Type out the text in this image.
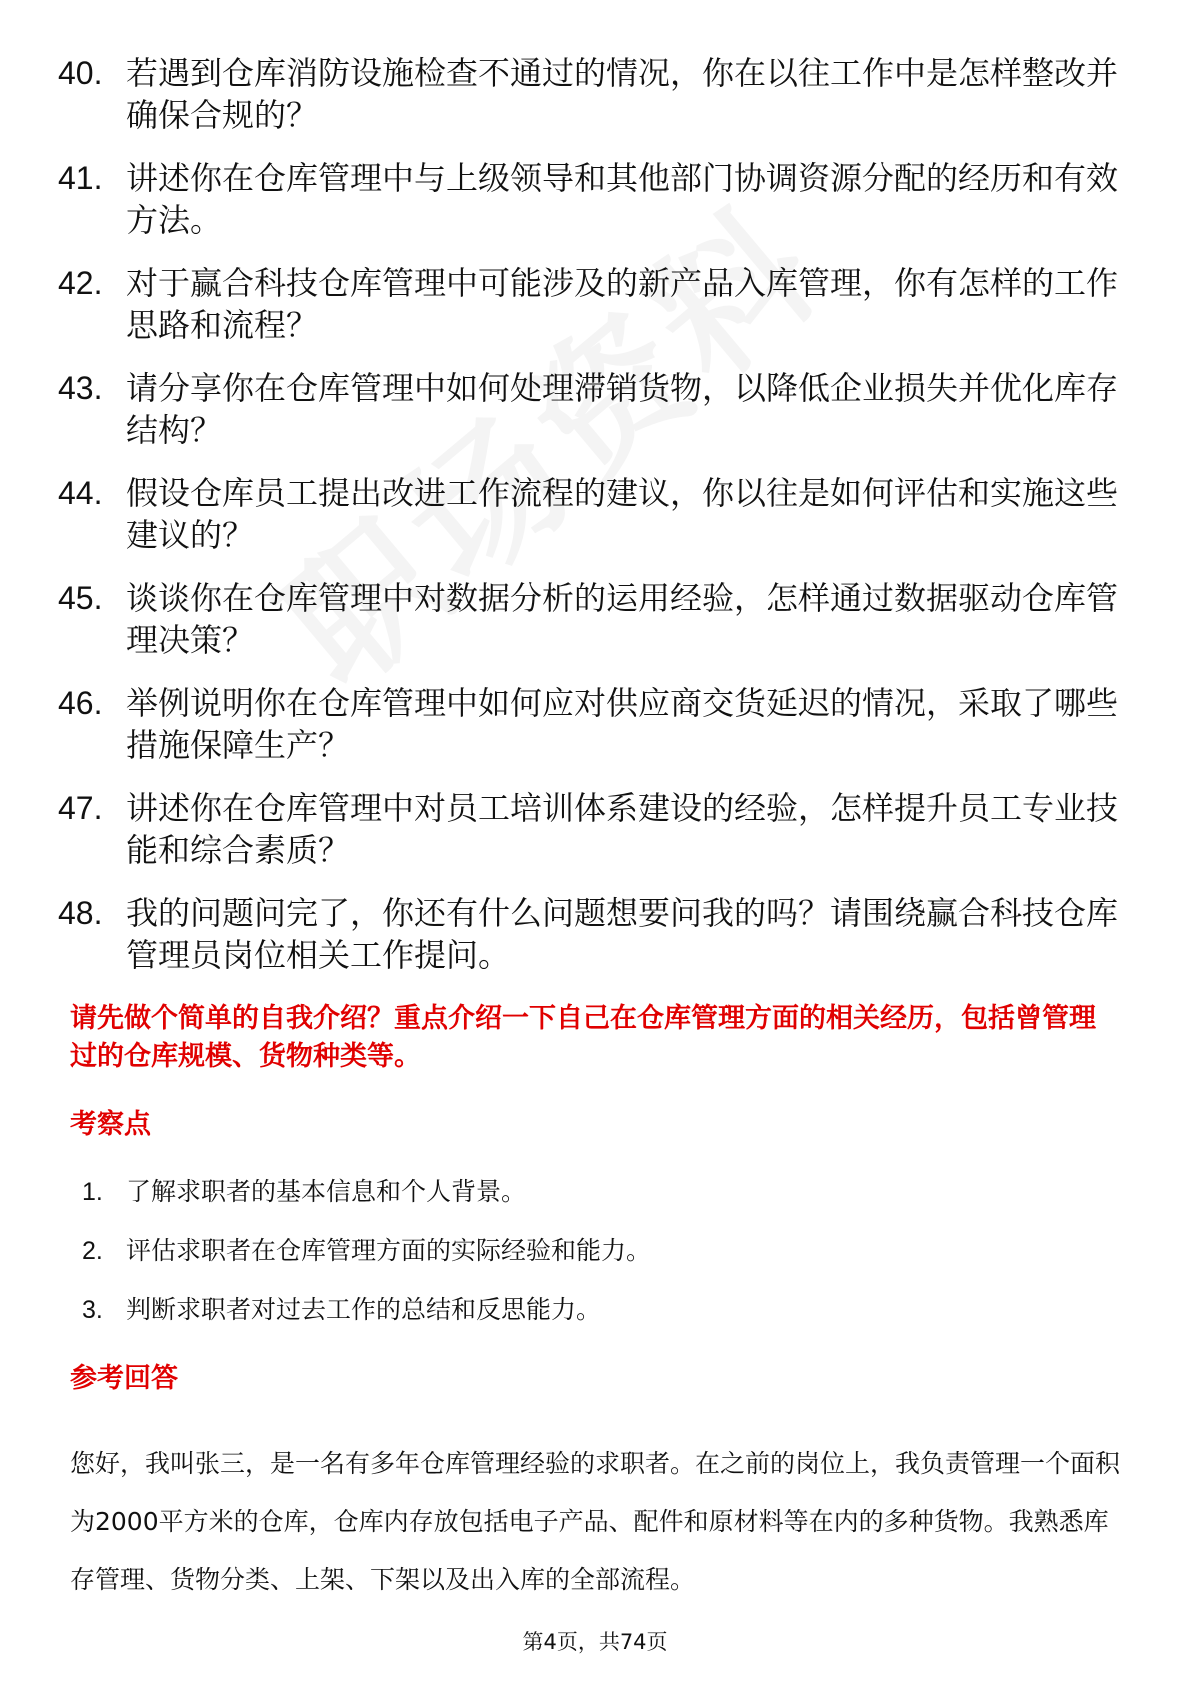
40. 若遇到仓库消防设施检查不通过的情况，你在以往工作中是怎样整改并确保合规的？
41. 讲述你在仓库管理中与上级领导和其他部门协调资源分配的经历和有效方法。
42. 对于赢合科技仓库管理中可能涉及的新产品入库管理，你有怎样的工作思路和流程？
43. 请分享你在仓库管理中如何处理滞销货物，以降低企业损失并优化库存结构？
44. 假设仓库员工提出改进工作流程的建议，你以往是如何评估和实施这些建议的？
45. 谈谈你在仓库管理中对数据分析的运用经验，怎样通过数据驱动仓库管理决策？
46. 举例说明你在仓库管理中如何应对供应商交货延迟的情况，采取了哪些措施保障生产？
47. 讲述你在仓库管理中对员工培训体系建设的经验，怎样提升员工专业技能和综合素质？
48. 我的问题问完了，你还有什么问题想要问我的吗？请围绕赢合科技仓库管理员岗位相关工作提问。
请先做个简单的自我介绍？重点介绍一下自己在仓库管理方面的相关经历，包括曾管理过的仓库规模、货物种类等。
考察点
1. 了解求职者的基本信息和个人背景。
2. 评估求职者在仓库管理方面的实际经验和能力。
3. 判断求职者对过去工作的总结和反思能力。
参考回答
您好，我叫张三，是一名有多年仓库管理经验的求职者。在之前的岗位上，我负责管理一个面积为2000平方米的仓库，仓库内存放包括电子产品、配件和原材料等在内的多种货物。我熟悉库存管理、货物分类、上架、下架以及出入库的全部流程。
第4页，共74页
